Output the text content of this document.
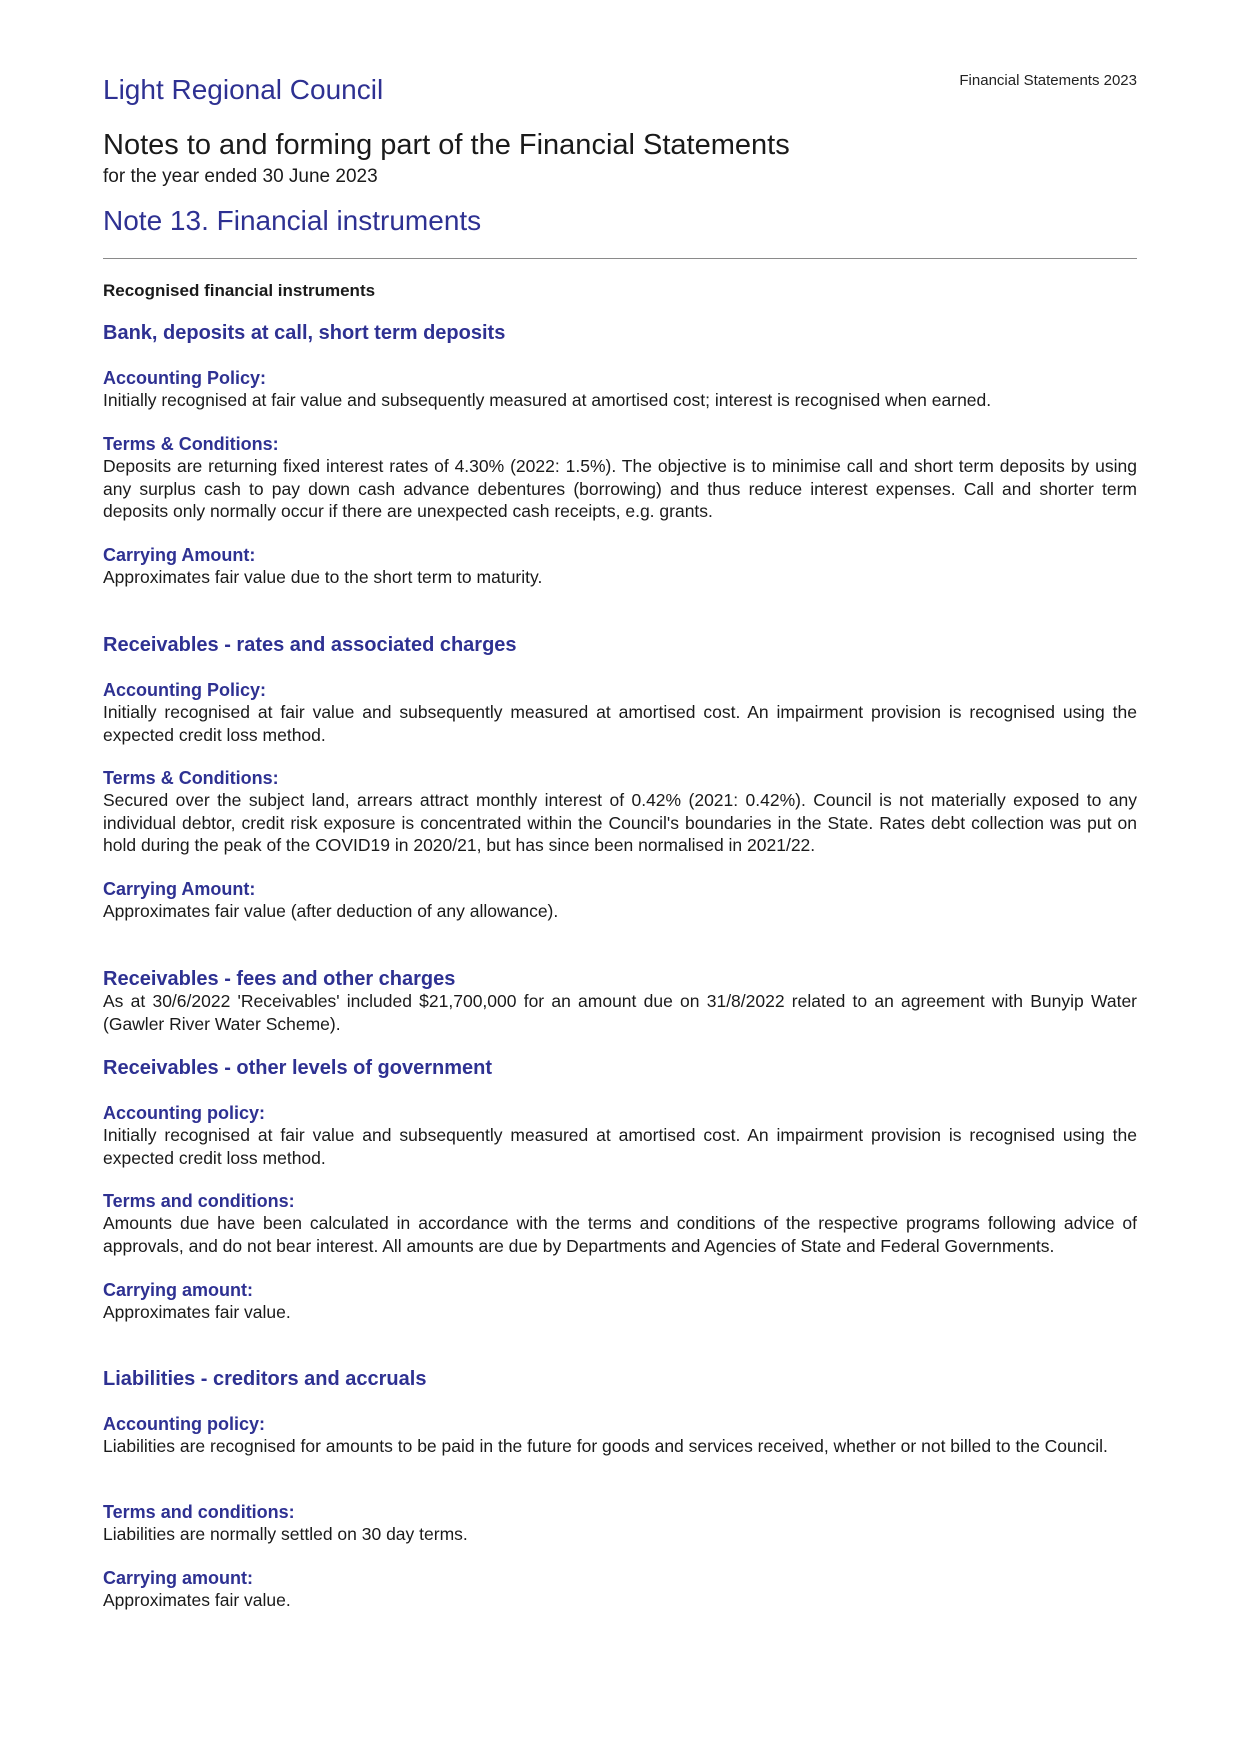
Light Regional Council	Financial Statements 2023
Notes to and forming part of the Financial Statements
for the year ended 30 June 2023
Note 13. Financial instruments
Recognised financial instruments
Bank, deposits at call, short term deposits
Accounting Policy:
Initially recognised at fair value and subsequently measured at amortised cost; interest is recognised when earned.
Terms & Conditions:
Deposits are returning fixed interest rates of 4.30% (2022: 1.5%). The objective is to minimise call and short term deposits by using any surplus cash to pay down cash advance debentures (borrowing) and thus reduce interest expenses. Call and shorter term deposits only normally occur if there are unexpected cash receipts, e.g. grants.
Carrying Amount:
Approximates fair value due to the short term to maturity.
Receivables - rates and associated charges
Accounting Policy:
Initially recognised at fair value and subsequently measured at amortised cost. An impairment provision is recognised using the expected credit loss method.
Terms & Conditions:
Secured over the subject land, arrears attract monthly interest of 0.42% (2021: 0.42%). Council is not materially exposed to any individual debtor, credit risk exposure is concentrated within the Council's boundaries in the State. Rates debt collection was put on hold during the peak of the COVID19 in 2020/21, but has since been normalised in 2021/22.
Carrying Amount:
Approximates fair value (after deduction of any allowance).
Receivables - fees and other charges
As at 30/6/2022 'Receivables' included $21,700,000 for an amount due on 31/8/2022 related to an agreement with Bunyip Water (Gawler River Water Scheme).
Receivables - other levels of government
Accounting policy:
Initially recognised at fair value and subsequently measured at amortised cost. An impairment provision is recognised using the expected credit loss method.
Terms and conditions:
Amounts due have been calculated in accordance with the terms and conditions of the respective programs following advice of approvals, and do not bear interest. All amounts are due by Departments and Agencies of State and Federal Governments.
Carrying amount:
Approximates fair value.
Liabilities - creditors and accruals
Accounting policy:
Liabilities are recognised for amounts to be paid in the future for goods and services received, whether or not billed to the Council.
Terms and conditions:
Liabilities are normally settled on 30 day terms.
Carrying amount:
Approximates fair value.
